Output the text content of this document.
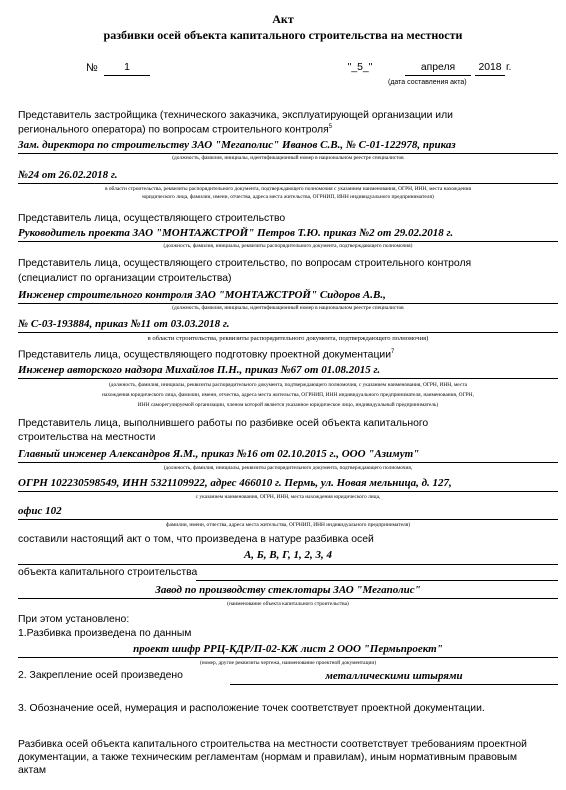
Акт
разбивки осей объекта капитального строительства на местности
№	1	"_5_"	апреля	2018 г.
(дата составления акта)
Представитель застройщика (технического заказчика, эксплуатирующей организации или
регионального оператора) по вопросам строительного контроля$^5$
Зам. директора по строительству ЗАО "Мегаполис" Иванов С.В., № С-01-122978, приказ
(должность, фамилия, инициалы, идентификационный номер в национальном реестре специалистов
№24 от 26.02.2018 г.
в области строительства, реквизиты распорядительного документа, подтверждающего полномочия с указанием наименования, ОГРН, ИНН, места нахождения
юридического лица, фамилии, имени, отчества, адреса места жительства, ОГРНИП, ИНН индивидуального предпринимателя)
Представитель лица, осуществляющего строительство
Руководитель проекта ЗАО "МОНТАЖСТРОЙ" Петров Т.Ю. приказ №2 от 29.02.2018 г.
(должность, фамилия, инициалы, реквизиты распорядительного документа, подтверждающего полномочия)
Представитель лица, осуществляющего строительство, по вопросам строительного контроля
(специалист по организации строительства)
Инженер строительного контроля ЗАО "МОНТАЖСТРОЙ" Сидоров А.В.,
(должность, фамилия, инициалы, идентификационный номер в национальном реестре специалистов
№ С-03-193884, приказ №11 от 03.03.2018 г.
в области строительства, реквизиты распорядительного документа, подтверждающего полномочия)
Представитель лица, осуществляющего подготовку проектной документации$^7$
Инженер авторского надзора Михайлов П.Н., приказ №67 от 01.08.2015 г.
(должность, фамилия, инициалы, реквизиты распорядительного документа, подтверждающего полномочия, с указанием наименования, ОГРН, ИНН, места
нахождения юридического лица, фамилии, имени, отчества, адреса места жительства, ОГРНИП, ИНН индивидуального предпринимателя, наименования, ОГРН,
ИНН саморегулируемой организации, членом которой является указанное юридическое лицо, индивидуальный предприниматель)
Представитель лица, выполнившего работы по разбивке осей объекта капитального
строительства на местности
Главный инженер Александров Я.М., приказ №16 от 02.10.2015 г., ООО "Азимут"
(должность, фамилия, инициалы, реквизиты распорядительного документа, подтверждающего полномочия,
ОГРН 102230598549, ИНН 5321109922, адрес 466010 г. Пермь, ул. Новая мельница, д. 127,
с указанием наименования, ОГРН, ИНН, места нахождения юридического лица,
офис 102
фамилии, имени, отчества, адреса места жительства, ОГРНИП, ИНН индивидуального предпринимателя)
составили настоящий акт о том, что произведена в натуре разбивка осей
А, Б, В, Г, 1, 2, 3, 4
объекта капитального строительства
Завод по производству стеклотары ЗАО "Мегаполис"
(наименование объекта капитального строительства)
При этом установлено:
1.Разбивка произведена по данным
проект шифр РРЦ-КДР/П-02-КЖ лист 2 ООО "Пермьпроект"
(номер, другие реквизиты чертежа, наименование проектной документации)
2. Закрепление осей произведено	металлическими штырями
3. Обозначение осей, нумерация и расположение точек соответствует проектной документации.
Разбивка осей объекта капитального строительства на местности соответствует требованиям проектной
документации, а также техническим регламентам (нормам и правилам), иным нормативным правовым
актам
